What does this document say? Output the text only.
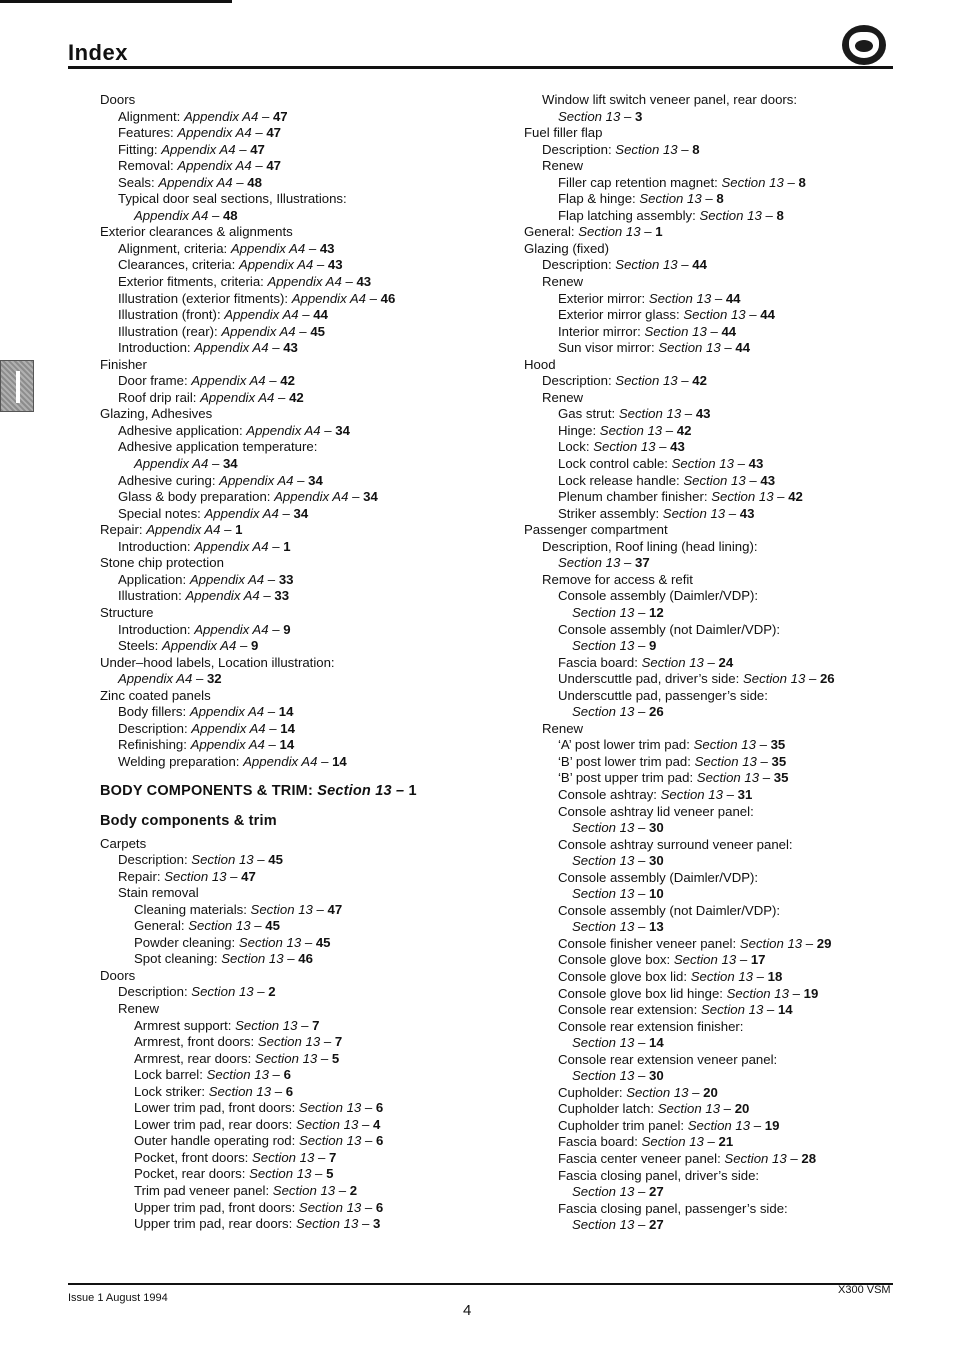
Index
Doors
Alignment: Appendix A4 – 47
Features: Appendix A4 – 47
Fitting: Appendix A4 – 47
Removal: Appendix A4 – 47
Seals: Appendix A4 – 48
Typical door seal sections, Illustrations:
Appendix A4 – 48
Exterior clearances & alignments
Alignment, criteria: Appendix A4 – 43
Clearances, criteria: Appendix A4 – 43
Exterior fitments, criteria: Appendix A4 – 43
Illustration (exterior fitments): Appendix A4 – 46
Illustration (front): Appendix A4 – 44
Illustration (rear): Appendix A4 – 45
Introduction: Appendix A4 – 43
Finisher
Door frame: Appendix A4 – 42
Roof drip rail: Appendix A4 – 42
Glazing, Adhesives
Adhesive application: Appendix A4 – 34
Adhesive application temperature:
Appendix A4 – 34
Adhesive curing: Appendix A4 – 34
Glass & body preparation: Appendix A4 – 34
Special notes: Appendix A4 – 34
Repair: Appendix A4 – 1
Introduction: Appendix A4 – 1
Stone chip protection
Application: Appendix A4 – 33
Illustration: Appendix A4 – 33
Structure
Introduction: Appendix A4 – 9
Steels: Appendix A4 – 9
Under–hood labels, Location illustration:
Appendix A4 – 32
Zinc coated panels
Body fillers: Appendix A4 – 14
Description: Appendix A4 – 14
Refinishing: Appendix A4 – 14
Welding preparation: Appendix A4 – 14
BODY COMPONENTS & TRIM: Section 13 – 1
Body components & trim
Carpets
Description: Section 13 – 45
Repair: Section 13 – 47
Stain removal
Cleaning materials: Section 13 – 47
General: Section 13 – 45
Powder cleaning: Section 13 – 45
Spot cleaning: Section 13 – 46
Doors
Description: Section 13 – 2
Renew
Armrest support: Section 13 – 7
Armrest, front doors: Section 13 – 7
Armrest, rear doors: Section 13 – 5
Lock barrel: Section 13 – 6
Lock striker: Section 13 – 6
Lower trim pad, front doors: Section 13 – 6
Lower trim pad, rear doors: Section 13 – 4
Outer handle operating rod: Section 13 – 6
Pocket, front doors: Section 13 – 7
Pocket, rear doors: Section 13 – 5
Trim pad veneer panel: Section 13 – 2
Upper trim pad, front doors: Section 13 – 6
Upper trim pad, rear doors: Section 13 – 3
Window lift switch veneer panel, rear doors:
Section 13 – 3
Fuel filler flap
Description: Section 13 – 8
Renew
Filler cap retention magnet: Section 13 – 8
Flap & hinge: Section 13 – 8
Flap latching assembly: Section 13 – 8
General: Section 13 – 1
Glazing (fixed)
Description: Section 13 – 44
Renew
Exterior mirror: Section 13 – 44
Exterior mirror glass: Section 13 – 44
Interior mirror: Section 13 – 44
Sun visor mirror: Section 13 – 44
Hood
Description: Section 13 – 42
Renew
Gas strut: Section 13 – 43
Hinge: Section 13 – 42
Lock: Section 13 – 43
Lock control cable: Section 13 – 43
Lock release handle: Section 13 – 43
Plenum chamber finisher: Section 13 – 42
Striker assembly: Section 13 – 43
Passenger compartment
Description, Roof lining (head lining):
Section 13 – 37
Remove for access & refit
Console assembly (Daimler/VDP):
Section 13 – 12
Console assembly (not Daimler/VDP):
Section 13 – 9
Fascia board: Section 13 – 24
Underscuttle pad, driver’s side: Section 13 – 26
Underscuttle pad, passenger’s side:
Section 13 – 26
Renew
‘A’ post lower trim pad: Section 13 – 35
‘B’ post lower trim pad: Section 13 – 35
‘B’ post upper trim pad: Section 13 – 35
Console ashtray: Section 13 – 31
Console ashtray lid veneer panel:
Section 13 – 30
Console ashtray surround veneer panel:
Section 13 – 30
Console assembly (Daimler/VDP):
Section 13 – 10
Console assembly (not Daimler/VDP):
Section 13 – 13
Console finisher veneer panel: Section 13 – 29
Console glove box: Section 13 – 17
Console glove box lid: Section 13 – 18
Console glove box lid hinge: Section 13 – 19
Console rear extension: Section 13 – 14
Console rear extension finisher:
Section 13 – 14
Console rear extension veneer panel:
Section 13 – 30
Cupholder: Section 13 – 20
Cupholder latch: Section 13 – 20
Cupholder trim panel: Section 13 – 19
Fascia board: Section 13 – 21
Fascia center veneer panel: Section 13 – 28
Fascia closing panel, driver’s side:
Section 13 – 27
Fascia closing panel, passenger’s side:
Section 13 – 27
Issue 1 August 1994
4
X300 VSM
